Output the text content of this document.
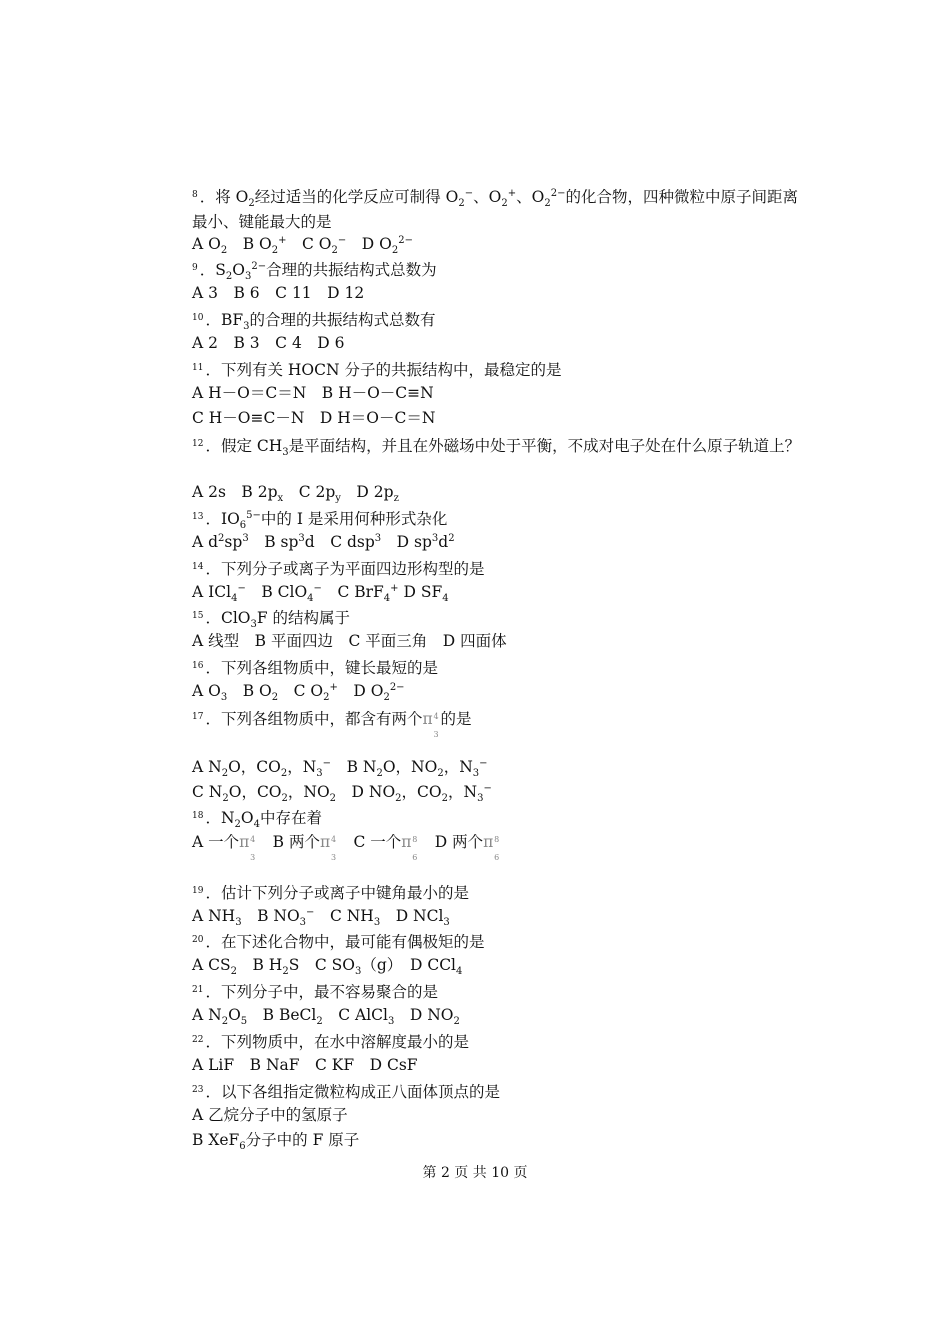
$^8$ ．将 $O_2$经过适当的化学反应可制得 $O_2^-$、$O_2^+$、$O_2^{2-}$的化合物，四种微粒中原子间距离最小、键能最大的是
A $O_2$　B $O_2^+$　C $O_2^-$　D $O_2^{2-}$
$^9$ ．$S_2O_3^{2-}$合理的共振结构式总数为
A 3　B 6　C 11　D 12
$^{10}$ ．$BF_3$的合理的共振结构式总数有
A 2　B 3　C 4　D 6
$^{11}$ ．下列有关 HOCN 分子的共振结构中，最稳定的是
A H－O＝C＝N　B H－O－C≡N
C H－O≡C－N　D H＝O－C＝N
$^{12}$ ．假定 $CH_3$是平面结构，并且在外磁场中处于平衡，不成对电子处在什么原子轨道上？
A 2s　B $2p_x$　C $2p_y$　D $2p_z$
$^{13}$ ．$IO_6^{5-}$中的 I 是采用何种形式杂化
A $d^2sp^3$　B $sp^3d$　C dsp$^3$　D $sp^3d^2$
$^{14}$ ．下列分子或离子为平面四边形构型的是
A ICl$_4$−　B ClO$_4$−　C BrF$_4$+ D $SF_4$
$^{15}$ ．ClO$_3$F 的结构属于
A 线型　B 平面四边　C 平面三角　D 四面体
$^{16}$ ．下列各组物质中，键长最短的是
A $O_3$　B $O_2$　C $O_2^+$　D $O_2^{2-}$
$^{17}$ ．下列各组物质中，都含有两个π 4
3
的是
A $N_2O$，$CO_2$，$N_3^-$　B $N_2O$，$NO_2$，$N_3^-$
C $N_2O$，$CO_2$，$NO_2$　D $NO_2$，$CO_2$，$N_3^-$
$^{18}$ ．$N_2O_4$中存在着
A 一个π 4
3
　B 两个π 4
3
　C 一个π 8
6
　D 两个π 8
6
$^{19}$ ．估计下列分子或离子中键角最小的是
A $NH_3$　B $NO_3^-$　C $NH_3$　D NCl$_3$
$^{20}$ ．在下述化合物中，最可能有偶极矩的是
A $CS_2$　B $H_2S$　C $SO_3(g)$　D CCl$_4$
$^{21}$ ．下列分子中，最不容易聚合的是
A $N_2O_5$　B BeCl$_2$　C AlCl$_3$　D $NO_2$
$^{22}$ ．下列物质中，在水中溶解度最小的是
A LiF　B NaF　C KF　D CsF
$^{23}$ ．以下各组指定微粒构成正八面体顶点的是
A 乙烷分子中的氢原子
B XeF$_6$分子中的 F 原子
第 2 页 共 10 页
